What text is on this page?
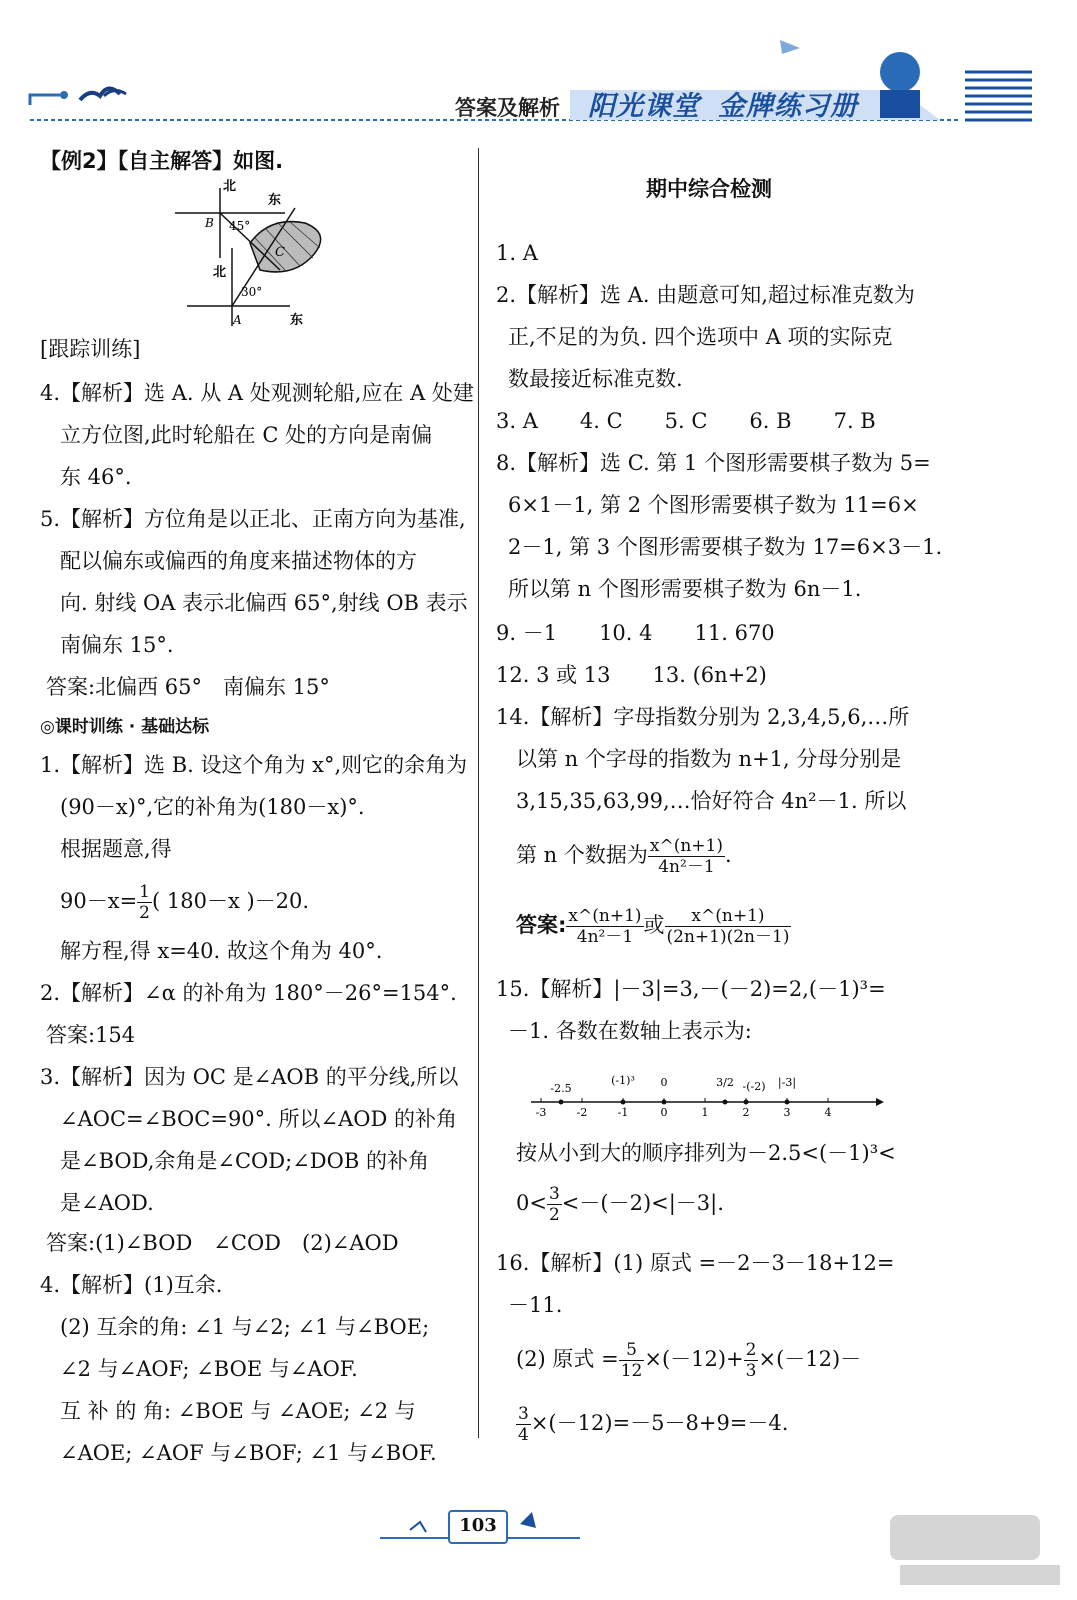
答案及解析 阳光课堂 金牌练习册
【例2】【自主解答】如图.
北
东
B 45°
C
北
30°
A	东
[跟踪训练]
4.【解析】选 A. 从 A 处观测轮船,应在 A 处建
立方位图,此时轮船在 C 处的方向是南偏
东 46°.
5.【解析】方位角是以正北、正南方向为基准,
配以偏东或偏西的角度来描述物体的方
向. 射线 OA 表示北偏西 65°,射线 OB 表示
南偏东 15°.
答案:北偏西 65°　南偏东 15°
◎课时训练 · 基础达标
1.【解析】选 B. 设这个角为 x°,则它的余角为
(90－x)°,它的补角为(180－x)°.
根据题意,得
$90-x= \frac{1}{2}$ ( 180－x )－20.
解方程,得 x=40. 故这个角为 40°.
2.【解析】∠α 的补角为 180°－26°=154°.
答案:154
3.【解析】因为 OC 是∠AOB 的平分线,所以
∠AOC=∠BOC=90°. 所以∠AOD 的补角
是∠BOD,余角是∠COD;∠DOB 的补角
是∠AOD.
答案:(1)∠BOD　∠COD　(2)∠AOD
4.【解析】(1)互余.
(2) 互余的角: ∠1 与∠2; ∠1 与∠BOE;
∠2 与∠AOF; ∠BOE 与∠AOF.
互 补 的 角: ∠BOE 与 ∠AOE; ∠2 与
∠AOE; ∠AOF 与∠BOF; ∠1 与∠BOF.
期中综合检测
1. A
2.【解析】选 A. 由题意可知,超过标准克数为
正,不足的为负. 四个选项中 A 项的实际克
数最接近标准克数.
3. A　　4. C　　5. C　　6. B　　7. B
8.【解析】选 C. 第 1 个图形需要棋子数为 5=
6×1－1, 第 2 个图形需要棋子数为 11=6×
2－1, 第 3 个图形需要棋子数为 17=6×3－1.
所以第 n 个图形需要棋子数为 6n－1.
9. －1　　10. 4　　11. 670
12. 3 或 13　　13. (6n+2)
14.【解析】字母指数分别为 2,3,4,5,6,…所
以第 n 个字母的指数为 n+1, 分母分别是
3,15,35,63,99,…恰好符合 4n²－1. 所以
第 n 个数据为 $\frac{x\^{}(n+1)}{\text{4n²－1}}$ .
答案: $\frac{x\^{}(n+1)}{\text{4n²－1}}$ 或 $\frac{x\^{}(n+1)}{(2n+1)(2n-1)}$
15.【解析】|－3|=3,－(－2)=2,(－1)³=
－1. 各数在数轴上表示为:
-3	-2	-1	0	1	2	3	4
-2.5
(-1)³ 0	3/2 -(-2) |-3|
按从小到大的顺序排列为－2.5<(－1)³<
$0< \frac{3}{2} <-(-2)<|-3|$.
16.【解析】(1) 原式 =－2－3－18+12=
－11.
(2) 原式 = $\frac{5}{12} \times(-12)+ \frac{2}{3} \times(-12)-$
$\frac{3}{4} \times(-12)=-5-8+9=-4$.
103
